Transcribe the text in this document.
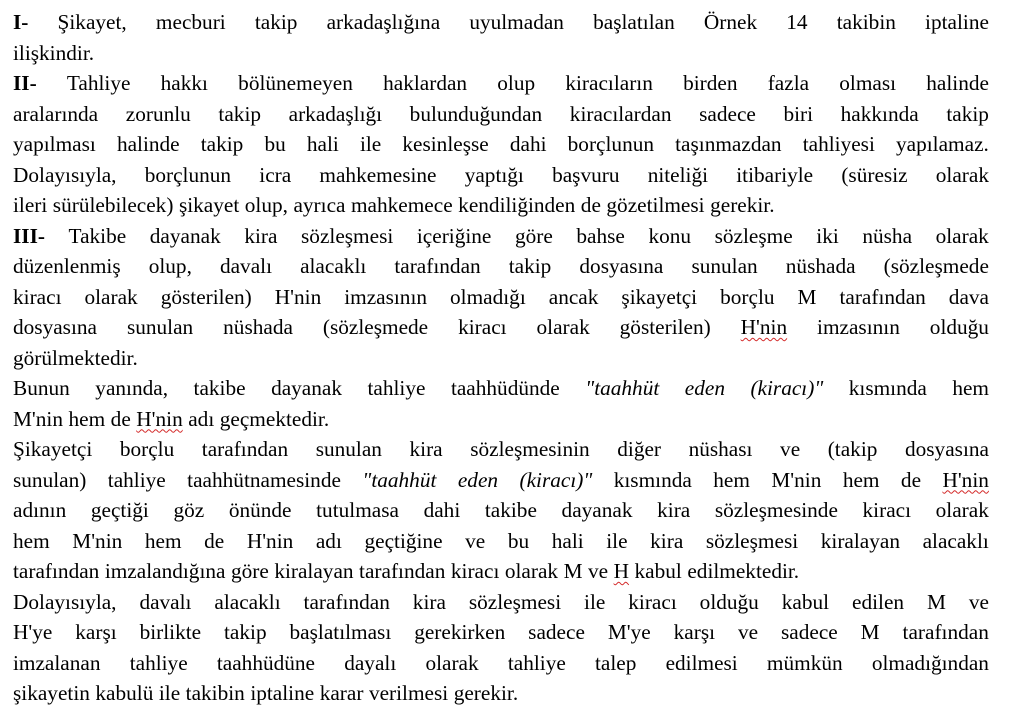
I- Şikayet, mecburi takip arkadaşlığına uyulmadan başlatılan Örnek 14 takibin iptaline
ilişkindir.
II- Tahliye hakkı bölünemeyen haklardan olup kiracıların birden fazla olması halinde
aralarında zorunlu takip arkadaşlığı bulunduğundan kiracılardan sadece biri hakkında takip
yapılması halinde takip bu hali ile kesinleşse dahi borçlunun taşınmazdan tahliyesi yapılamaz.
Dolayısıyla, borçlunun icra mahkemesine yaptığı başvuru niteliği itibariyle (süresiz olarak
ileri sürülebilecek) şikayet olup, ayrıca mahkemece kendiliğinden de gözetilmesi gerekir.
III- Takibe dayanak kira sözleşmesi içeriğine göre bahse konu sözleşme iki nüsha olarak
düzenlenmiş olup, davalı alacaklı tarafından takip dosyasına sunulan nüshada (sözleşmede
kiracı olarak gösterilen) H'nin imzasının olmadığı ancak şikayetçi borçlu M tarafından dava
dosyasına sunulan nüshada (sözleşmede kiracı olarak gösterilen) H'nin imzasının olduğu
görülmektedir.
Bunun yanında, takibe dayanak tahliye taahhüdünde "taahhüt eden (kiracı)" kısmında hem
M'nin hem de H'nin adı geçmektedir.
Şikayetçi borçlu tarafından sunulan kira sözleşmesinin diğer nüshası ve (takip dosyasına
sunulan) tahliye taahhütnamesinde "taahhüt eden (kiracı)" kısmında hem M'nin hem de H'nin
adının geçtiği göz önünde tutulmasa dahi takibe dayanak kira sözleşmesinde kiracı olarak
hem M'nin hem de H'nin adı geçtiğine ve bu hali ile kira sözleşmesi kiralayan alacaklı
tarafından imzalandığına göre kiralayan tarafından kiracı olarak M ve H kabul edilmektedir.
Dolayısıyla, davalı alacaklı tarafından kira sözleşmesi ile kiracı olduğu kabul edilen M ve
H'ye karşı birlikte takip başlatılması gerekirken sadece M'ye karşı ve sadece M tarafından
imzalanan tahliye taahhüdüne dayalı olarak tahliye talep edilmesi mümkün olmadığından
şikayetin kabulü ile takibin iptaline karar verilmesi gerekir.
